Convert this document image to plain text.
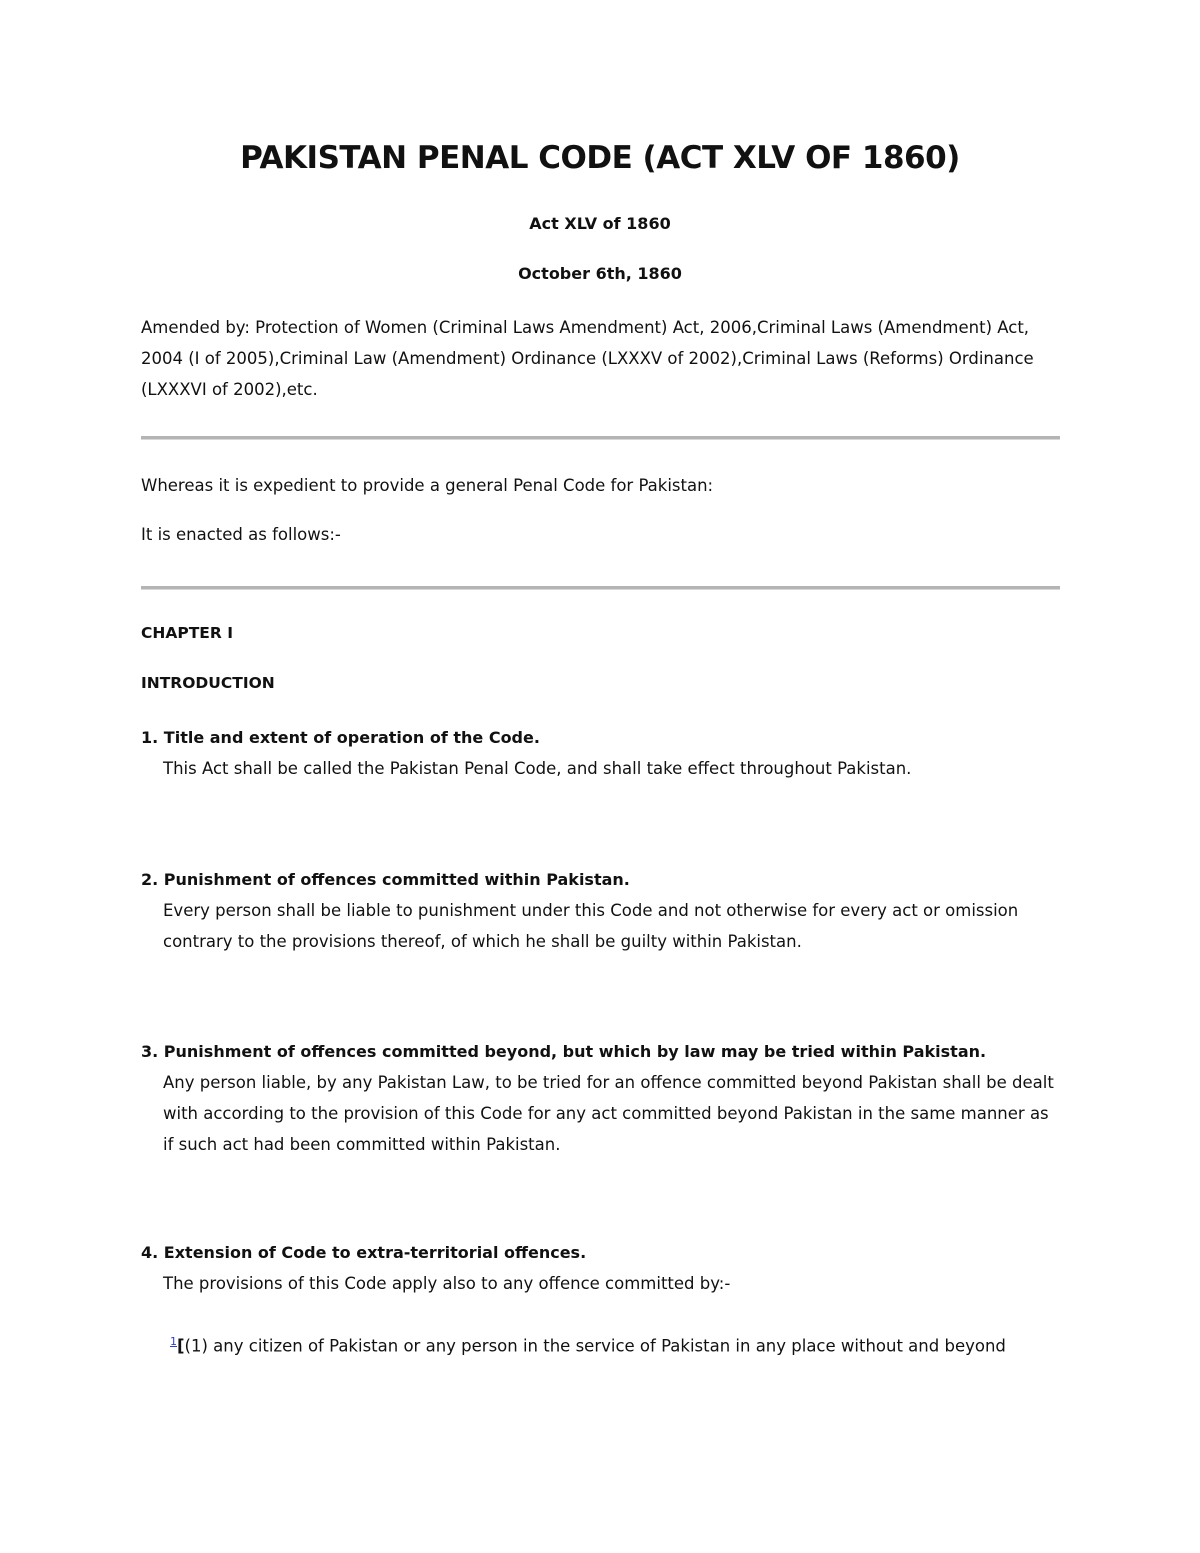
PAKISTAN PENAL CODE (ACT XLV OF 1860)
Act XLV of 1860
October 6th, 1860
Amended by: Protection of Women (Criminal Laws Amendment) Act, 2006,Criminal Laws (Amendment) Act, 2004 (I of 2005),Criminal Law (Amendment) Ordinance (LXXXV of 2002),Criminal Laws (Reforms) Ordinance (LXXXVI of 2002),etc.
Whereas it is expedient to provide a general Penal Code for Pakistan:
It is enacted as follows:-
CHAPTER I
INTRODUCTION
1. Title and extent of operation of the Code.
This Act shall be called the Pakistan Penal Code, and shall take effect throughout Pakistan.
2. Punishment of offences committed within Pakistan.
Every person shall be liable to punishment under this Code and not otherwise for every act or omission contrary to the provisions thereof, of which he shall be guilty within Pakistan.
3. Punishment of offences committed beyond, but which by law may be tried within Pakistan.
Any person liable, by any Pakistan Law, to be tried for an offence committed beyond Pakistan shall be dealt with according to the provision of this Code for any act committed beyond Pakistan in the same manner as if such act had been committed within Pakistan.
4. Extension of Code to extra-territorial offences.
The provisions of this Code apply also to any offence committed by:-
$^1$[(1) any citizen of Pakistan or any person in the service of Pakistan in any place without and beyond
